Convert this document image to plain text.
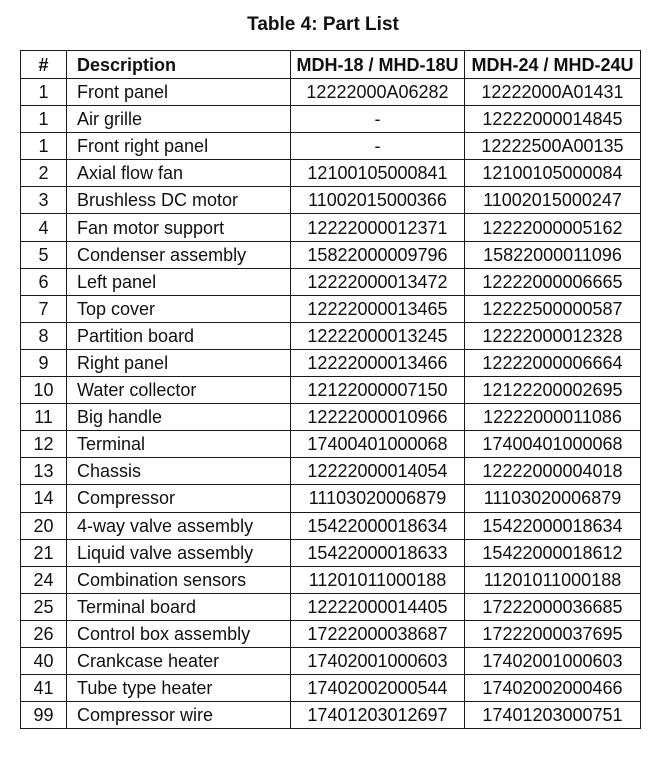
Table 4: Part List
#	Description	MDH-18 / MHD-18U	MDH-24 / MHD-24U
1	Front panel	12222000A06282	12222000A01431
1	Air grille	-	12222000014845
1	Front right panel	-	12222500A00135
2	Axial flow fan	12100105000841	12100105000084
3	Brushless DC motor	11002015000366	11002015000247
4	Fan motor support	12222000012371	12222000005162
5	Condenser assembly	15822000009796	15822000011096
6	Left panel	12222000013472	12222000006665
7	Top cover	12222000013465	12222500000587
8	Partition board	12222000013245	12222000012328
9	Right panel	12222000013466	12222000006664
10	Water collector	12122000007150	12122200002695
11	Big handle	12222000010966	12222000011086
12	Terminal	17400401000068	17400401000068
13	Chassis	12222000014054	12222000004018
14	Compressor	11103020006879	11103020006879
20	4-way valve assembly	15422000018634	15422000018634
21	Liquid valve assembly	15422000018633	15422000018612
24	Combination sensors	11201011000188	11201011000188
25	Terminal board	12222000014405	17222000036685
26	Control box assembly	17222000038687	17222000037695
40	Crankcase heater	17402001000603	17402001000603
41	Tube type heater	17402002000544	17402002000466
99	Compressor wire	17401203012697	17401203000751
